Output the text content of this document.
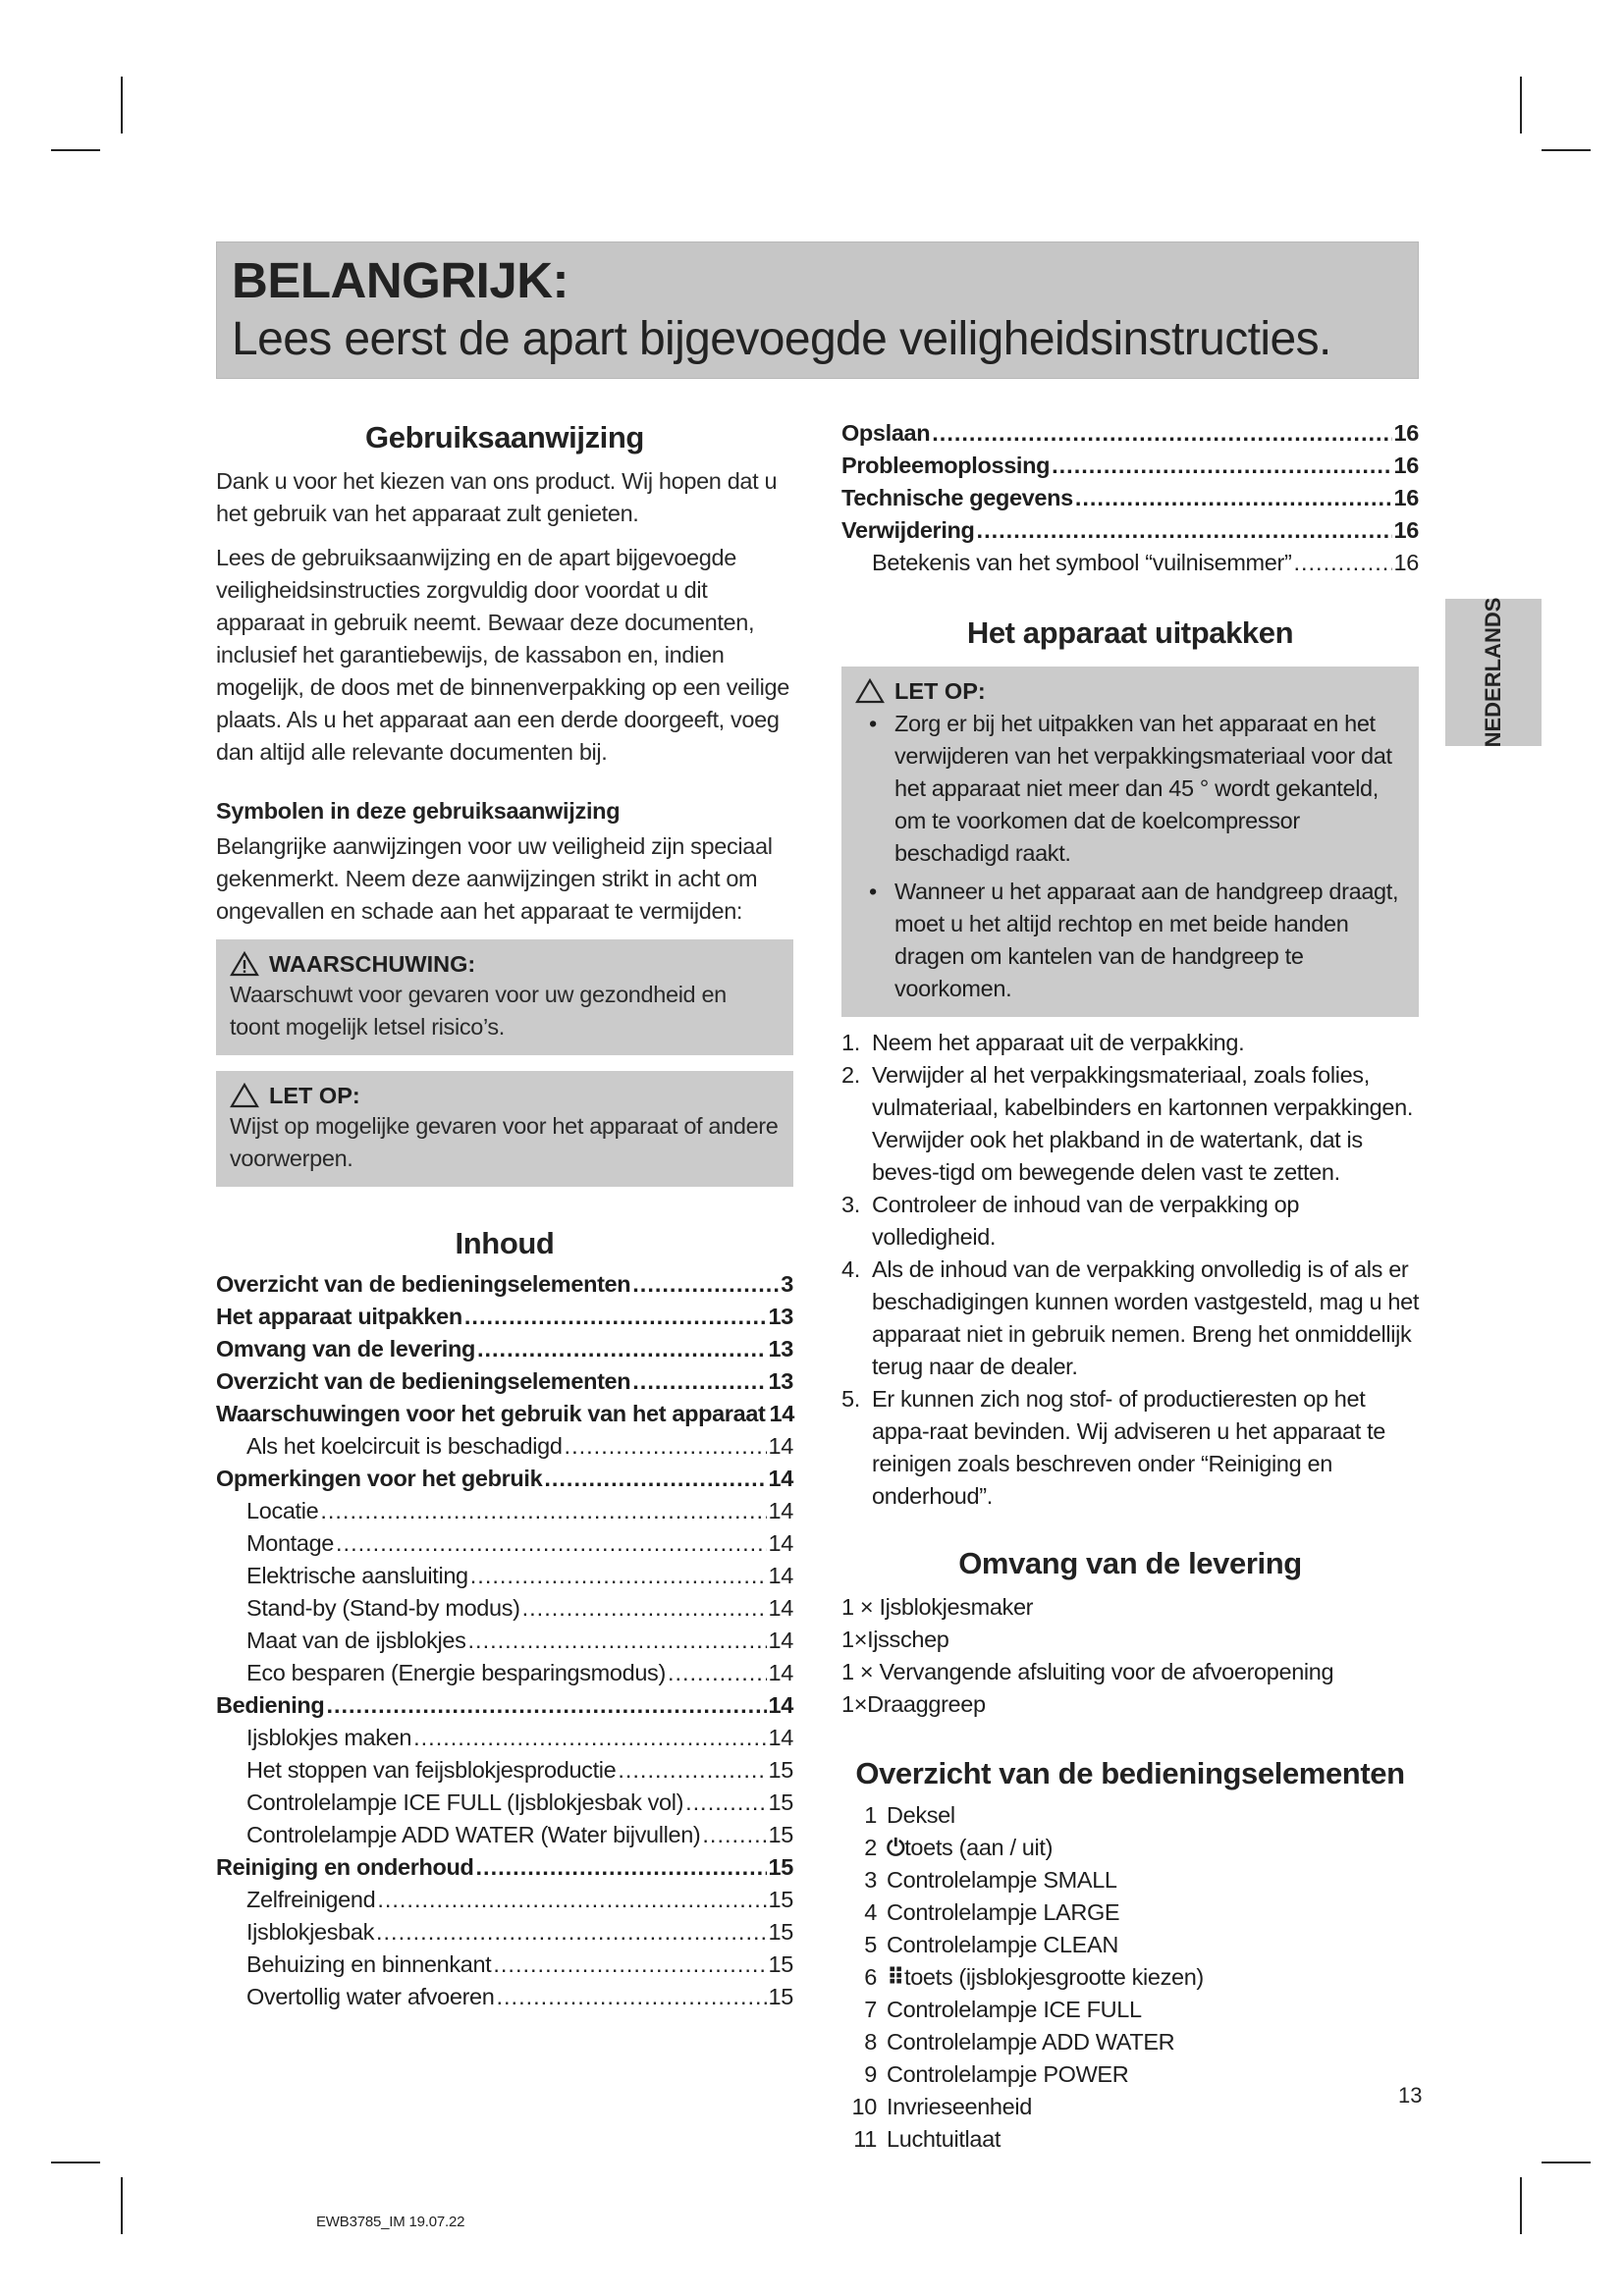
BELANGRIJK:
Lees eerst de apart bijgevoegde veiligheidsinstructies.
NEDERLANDS
Gebruiksaanwijzing

Dank u voor het kiezen van ons product. Wij hopen dat u het gebruik van het apparaat zult genieten.

Lees de gebruiksaanwijzing en de apart bijgevoegde veiligheidsinstructies zorgvuldig door voordat u dit apparaat in gebruik neemt. Bewaar deze documenten, inclusief het garantiebewijs, de kassabon en, indien mogelijk, de doos met de binnenverpakking op een veilige plaats. Als u het apparaat aan een derde doorgeeft, voeg dan altijd alle relevante documenten bij.

Symbolen in deze gebruiksaanwijzing

Belangrijke aanwijzingen voor uw veiligheid zijn speciaal gekenmerkt. Neem deze aanwijzingen strikt in acht om ongevallen en schade aan het apparaat te vermijden:

WAARSCHUWING:
Waarschuwt voor gevaren voor uw gezondheid en toont mogelijk letsel risico’s.
LET OP:
Wijst op mogelijke gevaren voor het apparaat of andere voorwerpen.
Inhoud
Overzicht van de bedieningselementen .....	3
Het apparaat uitpakken .....	13
Omvang van de levering .....	13
Overzicht van de bedieningselementen .....	13
Waarschuwingen voor het gebruik van het apparaat 14
Als het koelcircuit is beschadigd .....	14
Opmerkingen voor het gebruik .....	14
Locatie .....	14
Montage .....	14
Elektrische aansluiting .....	14
Stand-by (Stand-by modus) .....	14
Maat van de ijsblokjes .....	14
Eco besparen (Energie besparingsmodus) .....	14
Bediening .....	14
Ijsblokjes maken .....	14
Het stoppen van feijsblokjesproductie .....	15
Controlelampje ICE FULL (Ijsblokjesbak vol) .....	15
Controlelampje ADD WATER (Water bijvullen) .....	15
Reiniging en onderhoud .....	15
Zelfreinigend .....	15
Ijsblokjesbak .....	15
Behuizing en binnenkant .....	15
Overtollig water afvoeren .....	15
Opslaan .....	16
Probleemoplossing .....	16
Technische gegevens .....	16
Verwijdering .....	16
Betekenis van het symbool “vuilnisemmer” .....	16
Het apparaat uitpakken
LET OP:
• Zorg er bij het uitpakken van het apparaat en het verwijderen van het verpakkingsmateriaal voor dat het apparaat niet meer dan 45 ° wordt gekanteld, om te voorkomen dat de koelcompressor beschadigd raakt.
• Wanneer u het apparaat aan de handgreep draagt, moet u het altijd rechtop en met beide handen dragen om kantelen van de handgreep te voorkomen.
1. Neem het apparaat uit de verpakking.
2. Verwijder al het verpakkingsmateriaal, zoals folies, vulmateriaal, kabelbinders en kartonnen verpakkingen. Verwijder ook het plakband in de watertank, dat is beves-tigd om bewegende delen vast te zetten.
3. Controleer de inhoud van de verpakking op volledigheid.
4. Als de inhoud van de verpakking onvolledig is of als er beschadigingen kunnen worden vastgesteld, mag u het apparaat niet in gebruik nemen. Breng het onmiddellijk terug naar de dealer.
5. Er kunnen zich nog stof- of productieresten op het appa-raat bevinden. Wij adviseren u het apparaat te reinigen zoals beschreven onder “Reiniging en onderhoud”.
Omvang van de levering
1 × Ijsblokjesmaker
1×Ijsschep
1 × Vervangende afsluiting voor de afvoeropening
1×Draaggreep
Overzicht van de bedieningselementen
1 Deksel
2 ⏻ toets (aan / uit)
3 Controlelampje SMALL
4 Controlelampje LARGE
5 Controlelampje CLEAN
6 ⠿ toets (ijsblokjesgrootte kiezen)
7 Controlelampje ICE FULL
8 Controlelampje ADD WATER
9 Controlelampje POWER
10 Invrieseenheid
11 Luchtuitlaat
13
EWB3785_IM 19.07.22
